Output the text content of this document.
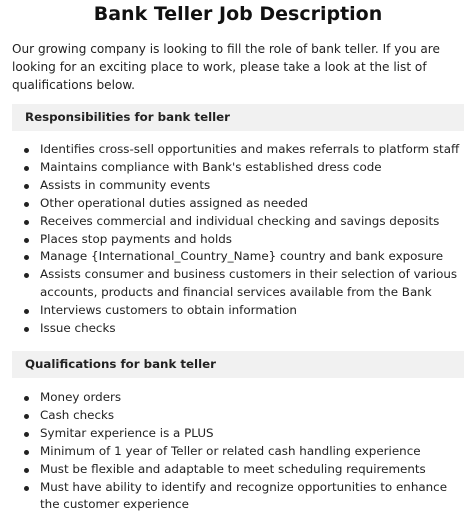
Bank Teller Job Description

Our growing company is looking to fill the role of bank teller. If you are looking for an exciting place to work, please take a look at the list of qualifications below.

Responsibilities for bank teller
Identifies cross-sell opportunities and makes referrals to platform staff
Maintains compliance with Bank's established dress code
Assists in community events
Other operational duties assigned as needed
Receives commercial and individual checking and savings deposits
Places stop payments and holds
Manage {International_Country_Name} country and bank exposure
Assists consumer and business customers in their selection of various accounts, products and financial services available from the Bank
Interviews customers to obtain information
Issue checks
Qualifications for bank teller
Money orders
Cash checks
Symitar experience is a PLUS
Minimum of 1 year of Teller or related cash handling experience
Must be flexible and adaptable to meet scheduling requirements
Must have ability to identify and recognize opportunities to enhance the customer experience
